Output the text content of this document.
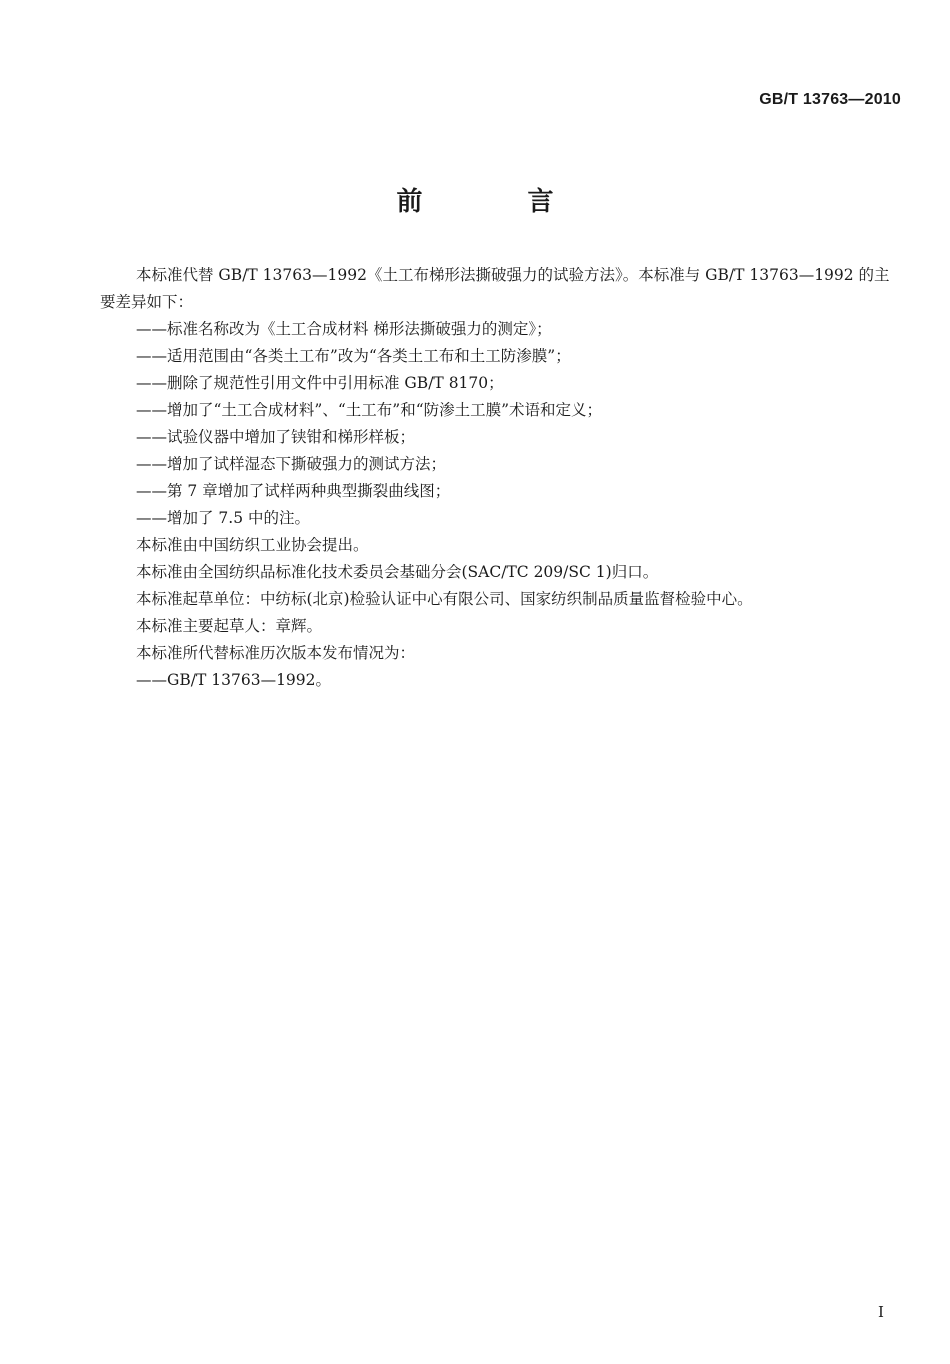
GB/T 13763—2010
前 言

本标准代替 GB/T 13763—1992《土工布梯形法撕破强力的试验方法》。本标准与 GB/T 13763—1992 的主要差异如下：

——标准名称改为《土工合成材料 梯形法撕破强力的测定》；

——适用范围由“各类土工布”改为“各类土工布和土工防渗膜”；

——删除了规范性引用文件中引用标准 GB/T 8170；

——增加了“土工合成材料”、“土工布”和“防渗土工膜”术语和定义；

——试验仪器中增加了铗钳和梯形样板；

——增加了试样湿态下撕破强力的测试方法；

——第 7 章增加了试样两种典型撕裂曲线图；

——增加了 7.5 中的注。

本标准由中国纺织工业协会提出。

本标准由全国纺织品标准化技术委员会基础分会(SAC/TC 209/SC 1)归口。

本标准起草单位：中纺标(北京)检验认证中心有限公司、国家纺织制品质量监督检验中心。

本标准主要起草人：章辉。

本标准所代替标准历次版本发布情况为：

——GB/T 13763—1992。

I
